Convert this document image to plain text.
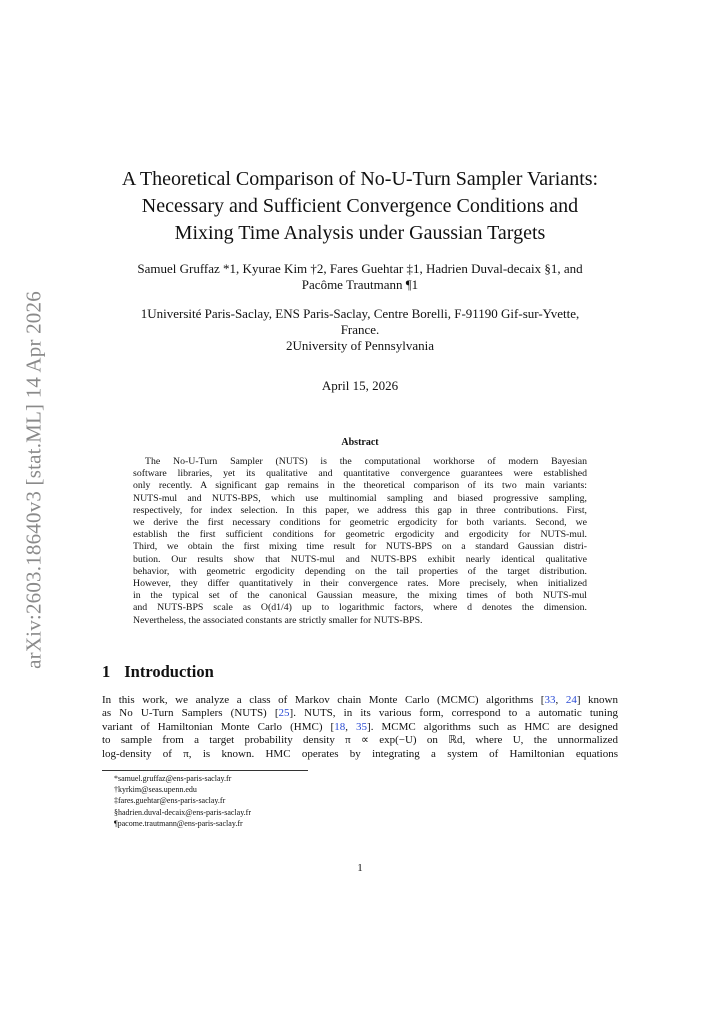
arXiv:2603.18640v3 [stat.ML] 14 Apr 2026
A Theoretical Comparison of No-U-Turn Sampler Variants:
Necessary and Sufficient Convergence Conditions and
Mixing Time Analysis under Gaussian Targets
Samuel Gruffaz *1, Kyurae Kim †2, Fares Guehtar ‡1, Hadrien Duval-decaix §1, and
Pacôme Trautmann ¶1
1Université Paris-Saclay, ENS Paris-Saclay, Centre Borelli, F-91190 Gif-sur-Yvette,
France.
2University of Pennsylvania
April 15, 2026
Abstract
The No-U-Turn Sampler (NUTS) is the computational workhorse of modern Bayesian
software libraries, yet its qualitative and quantitative convergence guarantees were established
only recently. A significant gap remains in the theoretical comparison of its two main variants:
NUTS-mul and NUTS-BPS, which use multinomial sampling and biased progressive sampling,
respectively, for index selection. In this paper, we address this gap in three contributions. First,
we derive the first necessary conditions for geometric ergodicity for both variants. Second, we
establish the first sufficient conditions for geometric ergodicity and ergodicity for NUTS-mul.
Third, we obtain the first mixing time result for NUTS-BPS on a standard Gaussian distri-
bution. Our results show that NUTS-mul and NUTS-BPS exhibit nearly identical qualitative
behavior, with geometric ergodicity depending on the tail properties of the target distribution.
However, they differ quantitatively in their convergence rates. More precisely, when initialized
in the typical set of the canonical Gaussian measure, the mixing times of both NUTS-mul
and NUTS-BPS scale as O(d1/4) up to logarithmic factors, where d denotes the dimension.
Nevertheless, the associated constants are strictly smaller for NUTS-BPS.
1 Introduction
In this work, we analyze a class of Markov chain Monte Carlo (MCMC) algorithms [33, 24] known
as No U-Turn Samplers (NUTS) [25]. NUTS, in its various form, correspond to a automatic tuning
variant of Hamiltonian Monte Carlo (HMC) [18, 35]. MCMC algorithms such as HMC are designed
to sample from a target probability density π ∝ exp(−U) on ℝd, where U, the unnormalized
log-density of π, is known. HMC operates by integrating a system of Hamiltonian equations
*samuel.gruffaz@ens-paris-saclay.fr
†kyrkim@seas.upenn.edu
‡fares.guehtar@ens-paris-saclay.fr
§hadrien.duval-decaix@ens-paris-saclay.fr
¶pacome.trautmann@ens-paris-saclay.fr
1
